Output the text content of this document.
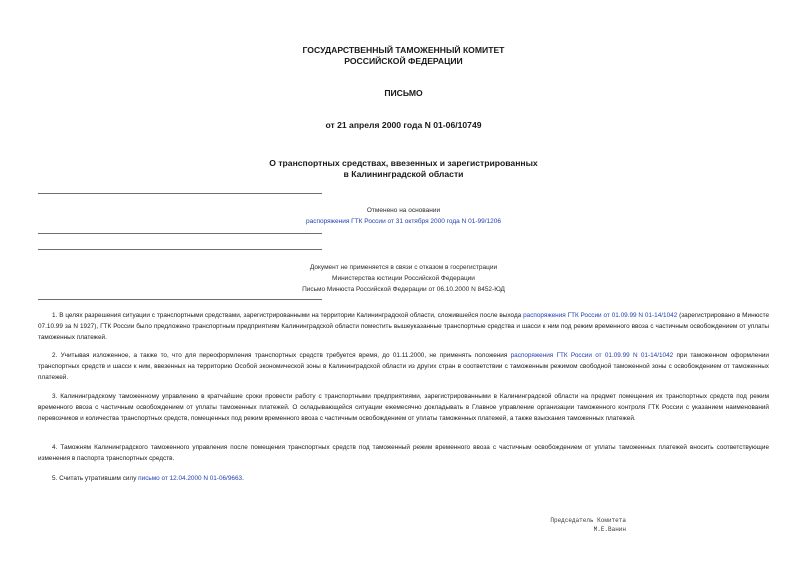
ГОСУДАРСТВЕННЫЙ ТАМОЖЕННЫЙ КОМИТЕТ
РОССИЙСКОЙ ФЕДЕРАЦИИ
ПИСЬМО
от 21 апреля 2000 года N 01-06/10749
О транспортных средствах, ввезенных и зарегистрированных
в Калининградской области
Отменено на основании
распоряжения ГТК России от 31 октября 2000 года N 01-99/1206
Документ не применяется в связи с отказом в госрегистрации
Министерства юстиции Российской Федерации
Письмо Минюста Российской Федерации от 06.10.2000 N 8452-ЮД
1. В целях разрешения ситуации с транспортными средствами, зарегистрированными на территории Калининградской области, сложившейся после выхода распоряжения ГТК России от 01.09.99 N 01-14/1042 (зарегистрировано в Минюсте 07.10.99 за N 1927), ГТК России было предложено транспортным предприятиям Калининградской области поместить вышеуказанные транспортные средства и шасси к ним под режим временного ввоза с частичным освобождением от уплаты таможенных платежей.
2. Учитывая изложенное, а также то, что для переоформления транспортных средств требуется время, до 01.11.2000, не применять положения распоряжения ГТК России от 01.09.99 N 01-14/1042 при таможенном оформлении транспортных средств и шасси к ним, ввезенных на территорию Особой экономической зоны в Калининградской области из других стран в соответствии с таможенным режимом свободной таможенной зоны с освобождением от таможенных платежей.
3. Калининградскому таможенному управлению в кратчайшие сроки провести работу с транспортными предприятиями, зарегистрированными в Калининградской области на предмет помещения их транспортных средств под режим временного ввоза с частичным освобождением от уплаты таможенных платежей. О складывающейся ситуации ежемесячно докладывать в Главное управление организации таможенного контроля ГТК России с указанием наименований перевозчиков и количества транспортных средств, помещенных под режим временного ввоза с частичным освобождением от уплаты таможенных платежей, а также взыскания таможенных платежей.
4. Таможням Калининградского таможенного управления после помещения транспортных средств под таможенный режим временного ввоза с частичным освобождением от уплаты таможенных платежей вносить соответствующие изменения в паспорта транспортных средств.
5. Считать утратившим силу письмо от 12.04.2000 N 01-06/9663.
Председатель Комитета
М.Е.Ванин
